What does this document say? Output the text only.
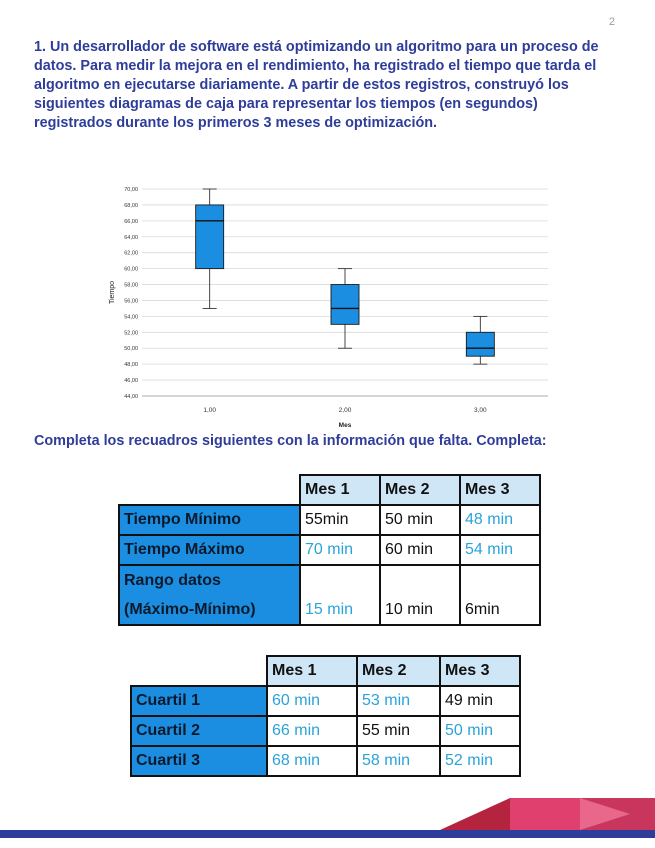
2

1. Un desarrollador de software está optimizando un algoritmo para un proceso de datos. Para medir la mejora en el rendimiento, ha registrado el tiempo que tarda el algoritmo en ejecutarse diariamente. A partir de estos registros, construyó los siguientes diagramas de caja para representar los tiempos (en segundos) registrados durante los primeros 3 meses de optimización.

70,00
68,00
66,00
64,00
62,00
60,00
58,00
56,00
54,00
52,00
50,00
48,00
46,00
44,00
Tiempo
Mes
1,00	2,00	3,00

Completa los recuadros siguientes con la información que falta. Completa:

	Mes 1	Mes 2	Mes 3
Tiempo Mínimo	55min	50 min	48 min
Tiempo Máximo	70 min	60 min	54 min

Rango datos
(Máximo-Mínimo)	15 min	10 min	6min
	Mes 1	Mes 2	Mes 3
Cuartil 1	60 min	53 min	49 min
Cuartil 2	66 min	55 min	50 min
Cuartil 3	68 min	58 min	52 min
